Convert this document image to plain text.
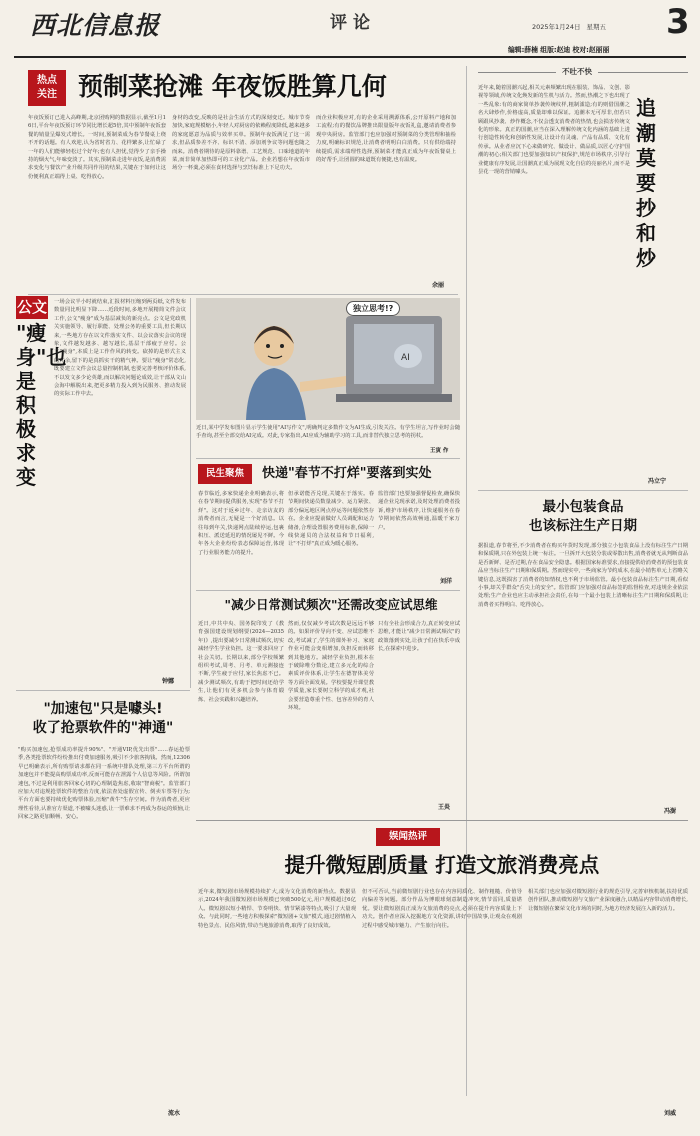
西北信息报	评论	2025年1月24日 星期五 3
编辑:薛楠 组版:赵迪 校对:赵丽丽
热点
关注 预制菜抢滩 年夜饭胜算几何
年夜饭预订已进入高峰期,北京团购网的数据显示,截至1月16日,平台年夜饭预订环节同比增长超5倍,其中预制年夜饭套餐的销量呈爆发式增长。一时间,预制菜成为春节餐桌上绕不开的话题。有人欢迎,认为省时省力、花样繁多,让忙碌了一年的人们能够轻松过个好年;也有人担忧,觉得少了亲手操持的烟火气,年味变淡了。其实,预制菜走进年夜饭,是消费需求变化与餐饮产业升级共同作用的结果,关键在于如何让这份便利真正端得上桌、吃得放心。
身材的改变,反映的是社会生活方式的深刻变迁。城市节奏加快,家庭规模缩小,年轻人对厨房的依赖程度降低,越来越多的家庭愿意为品质与效率买单。预制年夜饭满足了这一需求,但品质参差不齐、标识不清、添加剂争议等问题也随之而来。消费者期待的是原料靠谱、工艺规范、口味地道的年菜,而非简单加热即可的工业化产品。企业若想在年夜饭市场分一杯羹,必须在食材选择与烹饪标准上下足功夫。
而企业积极应对,有的企业采用溯源体系,公开原料产地和加工流程;有的餐饮品牌推出限量版年夜饭礼盒,邀请消费者参观中央厨房。监管部门也应加强对预制菜的分类管理和抽检力度,明确标识规范,让消费者明明白白消费。只有供给端持续提质,需求端理性选择,预制菜才能真正成为年夜饭餐桌上的好帮手,让团圆的味道既有便捷,也有温度。
余丽
不吐不快
近年来,随着国潮兴起,相关元素频繁出现在服装、饰品、文创、影视等领域,传统文化焕发新的生机与活力。然而,热潮之下也出现了一些乱象:有的商家简单抄袭传统纹样,粗制滥造;有的则借国潮之名大肆炒作,价格虚高,质量却难以保证。追潮本无可厚非,但若只顾跟风抄袭、炒作概念,不仅会透支消费者的热情,也会损害传统文化的形象。真正的国潮,应当在深入理解传统文化内涵的基础上进行创造性转化和创新性发展,让设计有灵魂、产品有品质、文化有传承。从业者应沉下心来做研究、做设计、做品质,以匠心守护国潮的初心;相关部门也要加强知识产权保护,规范市场秩序,引导行业健康有序发展,让国潮真正成为展现文化自信的亮丽名片,而不是昙花一现的营销噱头。
追潮莫要抄和炒
冯立宁
AI
独立思考!?
近日,某中学发布图片显示学生使用"AI写作文",明确判定多数作文为AI生成,引发关注。有学生坦言,写作业时会随手查询,甚至全部交给AI完成。对此,专家指出,AI应成为辅助学习的工具,而非替代独立思考的拐杖。
王寅 作
公文
"瘦身"也是积极求变
一场会议半小时就结束,汇报材料压缩到两页纸,文件发布数量同比明显下降……近段时间,多地开展精简文件会议工作,公文"瘦身"成为基层减负的新亮点。公文是党政机关实施领导、履行职能、处理公务的重要工具,但长期以来,一些地方存在以文件落实文件、以会议落实会议的现象,文件越发越多、越写越长,基层干部疲于应付。公文"瘦身",本质上是工作作风的转变。砍掉的是形式主义的冗余,留下的是真抓实干的精气神。要让"瘦身"常态化,既要建立文件会议总量控制机制,也要完善考核评价体系,不以发文多少论英雄,而以解决问题论成效,让干部从文山会海中解脱出来,把更多精力投入到为民服务、推动发展的实际工作中去。
钟娜
"加速包"只是噱头!
收了抢票软件的"神通"
"购买加速包,抢票成功率提升90%"、"开通VIP,优先出票"……春运抢票季,各类抢票软件纷纷推出付费加速服务,吸引不少旅客掏钱。然而,12306早已明确表示,所有购票请求都在同一系统中排队处理,第三方平台所谓的加速包并不能提高购票成功率,反而可能存在泄露个人信息等风险。所谓加速包,不过是利用旅客回家心切的心理制造焦虑,收取"智商税"。监管部门应加大对违规抢票软件的整治力度,依法查处虚假宣传、倒卖车票等行为;平台方面也要持续优化购票体验,压缩"黄牛"生存空间。作为消费者,更应理性看待,认准官方渠道,不被噱头迷惑,让一票难求不再成为春运的烦恼,让回家之路更加顺畅、安心。
流水
民生聚焦	快递"春节不打烊"要落到实处
春节临近,多家快递企业明确表示,将在春节期间提供服务,实现"春节不打烊"。这对于返乡过年、走亲访友的消费者而言,无疑是一个好消息。以往每到年关,快递网点陆续停运,包裹积压、派送延迟的情况屡见不鲜。今年各大企业纷纷表态保障运营,体现了行业服务能力的提升。
但承诺能否兑现,关键在于落实。春节期间快递员数量减少、运力紧张、部分偏远地区网点停运等问题依然存在。企业应提前做好人员调配和运力储备,合理设置服务费用标准,保障一线快递员的合法权益和节日福利,让"不打烊"真正成为暖心服务。
监管部门也要加强督促检查,确保快递企业兑现承诺,及时处理消费者投诉,维护市场秩序,让快递服务在春节期间依然高效畅通,温暖千家万户。
刘洋
"减少日常测试频次"还需改变应试思维
近日,中共中央、国务院印发了《教育强国建设规划纲要(2024—2035年)》,提出要减少日常测试频次,切实减轻学生学业负担。这一要求回应了社会关切。长期以来,部分学校频繁组织考试,周考、月考、单元测接连不断,学生疲于应付,家长焦虑不已。减少测试频次,有助于把时间还给学生,让他们有更多机会参与体育锻炼、社会实践和兴趣培养。
然而,仅仅减少考试次数是远远不够的。如果评价导向不变、应试思维不改,考试减了,学生的课外补习、家庭作业可能会变相增加,负担反而转移到其他地方。减轻学业负担,根本在于破除唯分数论,建立多元化的综合素质评价体系,让学生在德智体美劳等方面全面发展。学校要提升课堂教学质量,家长要树立科学的成才观,社会要营造尊重个性、包容差异的育人环境。
只有全社会形成合力,真正转变应试思维,才能让"减少日常测试频次"的政策落到实处,让孩子们在快乐中成长,在探索中进步。
王炎
最小包装食品
也该标注生产日期
据报道,春节将至,不少消费者在购买年货时发现,部分独立小包装食品上没有标注生产日期和保质期,只在外包装上统一标注。一旦拆开大包装分装或零散出售,消费者就无从判断食品是否新鲜、是否过期,存在食品安全隐患。根据国家标准要求,直接提供给消费者的预包装食品应当标注生产日期和保质期。然而现实中,一些商家为节约成本,在最小销售单元上省略关键信息,这既损害了消费者的知情权,也不利于市场监管。最小包装食品标注生产日期,看似小事,却关乎群众"舌尖上的安全"。监管部门应加强对食品标签的监督检查,对违规企业依法处理;生产企业也应主动承担社会责任,在每一个最小包装上清晰标注生产日期和保质期,让消费者买得明白、吃得放心。
冯澍
娱闻热评
提升微短剧质量 打造文旅消费亮点
近年来,微短剧市场规模持续扩大,成为文化消费的新热点。数据显示,2024年我国微短剧市场规模已突破500亿元,用户规模超过6亿人。微短剧以短小精悍、节奏明快、情节紧凑等特点,吸引了大量观众。与此同时,一些地方积极探索"微短剧+文旅"模式,通过剧情植入特色景点、民俗风情,带动当地旅游消费,取得了良好成效。
但不可否认,当前微短剧行业也存在内容同质化、制作粗糙、价值导向偏差等问题。部分作品为博眼球刻意制造冲突,情节雷同,质量堪忧。要让微短剧真正成为文旅消费的亮点,必须在提升内容质量上下功夫。创作者应深入挖掘地方文化资源,讲好中国故事,让观众在观剧过程中感受城市魅力、产生旅行向往。
相关部门也应加强对微短剧行业的规范引导,完善审核机制,扶持优质创作团队,推动微短剧与文旅产业深度融合,以精品内容带动消费增长,让微短剧在繁荣文化市场的同时,为地方经济发展注入新的活力。
刘威
